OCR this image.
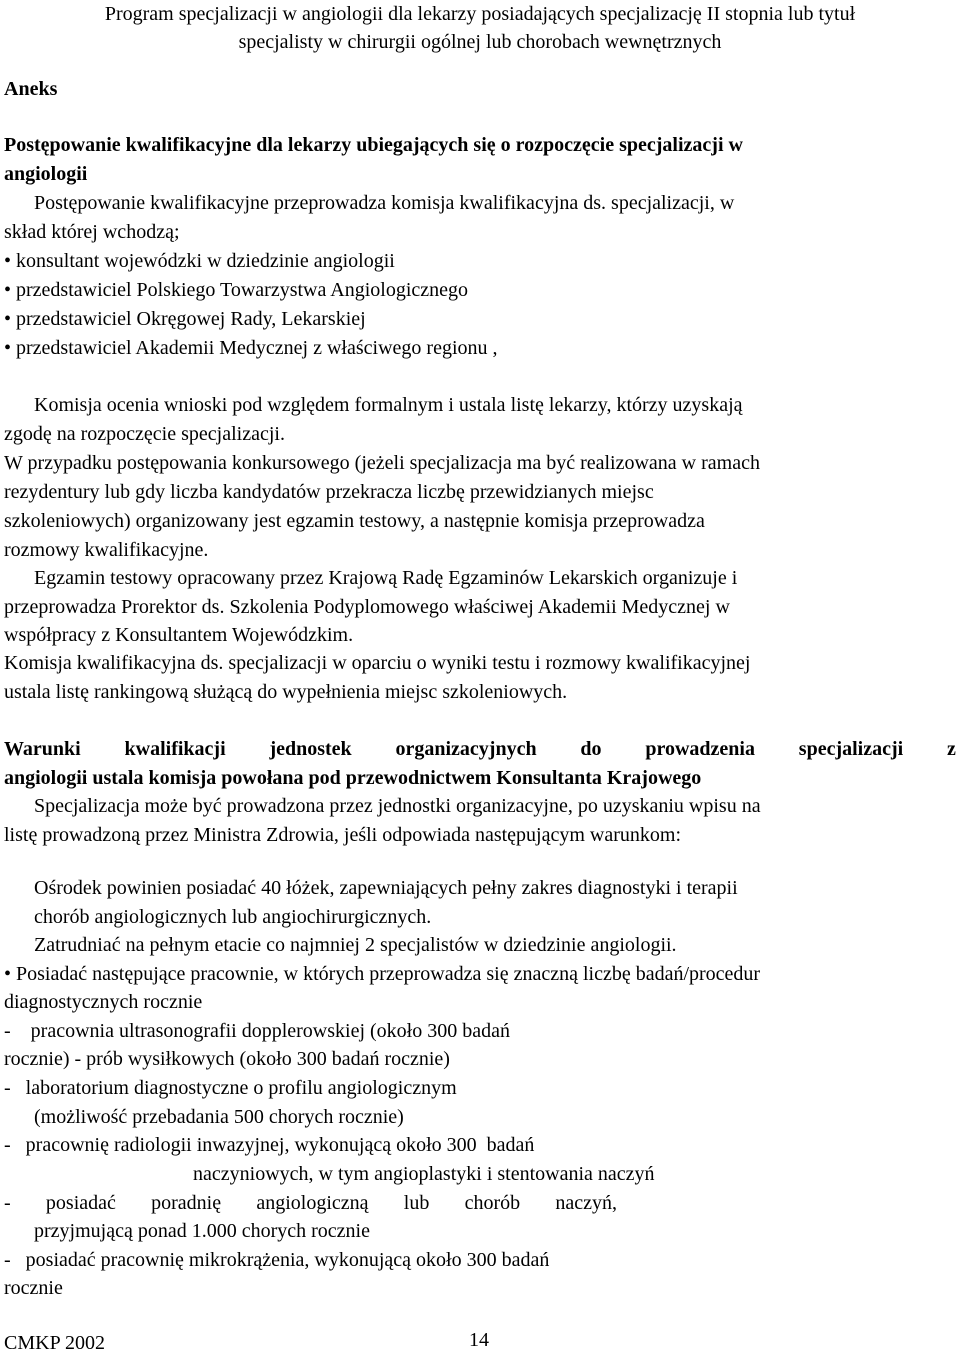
Program specjalizacji w angiologii dla lekarzy posiadających specjalizację II stopnia lub tytuł
specjalisty w chirurgii ogólnej lub chorobach wewnętrznych
Aneks
Postępowanie kwalifikacyjne dla lekarzy ubiegających się o rozpoczęcie specjalizacji w
angiologii
Postępowanie kwalifikacyjne przeprowadza komisja kwalifikacyjna ds. specjalizacji, w
skład której wchodzą;
• konsultant wojewódzki w dziedzinie angiologii
• przedstawiciel Polskiego Towarzystwa Angiologicznego
• przedstawiciel Okręgowej Rady, Lekarskiej
• przedstawiciel Akademii Medycznej z właściwego regionu ,
Komisja ocenia wnioski pod względem formalnym i ustala listę lekarzy, którzy uzyskają
zgodę na rozpoczęcie specjalizacji.
W przypadku postępowania konkursowego (jeżeli specjalizacja ma być realizowana w ramach
rezydentury lub gdy liczba kandydatów przekracza liczbę przewidzianych miejsc
szkoleniowych) organizowany jest egzamin testowy, a następnie komisja przeprowadza
rozmowy kwalifikacyjne.
Egzamin testowy opracowany przez Krajową Radę Egzaminów Lekarskich organizuje i
przeprowadza Prorektor ds. Szkolenia Podyplomowego właściwej Akademii Medycznej w
współpracy z Konsultantem Wojewódzkim.
Komisja kwalifikacyjna ds. specjalizacji w oparciu o wyniki testu i rozmowy kwalifikacyjnej
ustala listę rankingową służącą do wypełnienia miejsc szkoleniowych.
Warunki kwalifikacji jednostek organizacyjnych do prowadzenia specjalizacji z
angiologii ustala komisja powołana pod przewodnictwem Konsultanta Krajowego
Specjalizacja może być prowadzona przez jednostki organizacyjne, po uzyskaniu wpisu na
listę prowadzoną przez Ministra Zdrowia, jeśli odpowiada następującym warunkom:
Ośrodek powinien posiadać 40 łóżek, zapewniających pełny zakres diagnostyki i terapii
chorób angiologicznych lub angiochirurgicznych.
Zatrudniać na pełnym etacie co najmniej 2 specjalistów w dziedzinie angiologii.
• Posiadać następujące pracownie, w których przeprowadza się znaczną liczbę badań/procedur
diagnostycznych rocznie
-    pracownia ultrasonografii dopplerowskiej (około 300 badań
rocznie) - prób wysiłkowych (około 300 badań rocznie)
-   laboratorium diagnostyczne o profilu angiologicznym
(możliwość przebadania 500 chorych rocznie)
-   pracownię radiologii inwazyjnej, wykonującą około 300  badań
naczyniowych, w tym angioplastyki i stentowania naczyń
- posiadać poradnię angiologiczną lub chorób naczyń,
przyjmującą ponad 1.000 chorych rocznie
-   posiadać pracownię mikrokrążenia, wykonującą około 300 badań
rocznie
CMKP 2002	14
